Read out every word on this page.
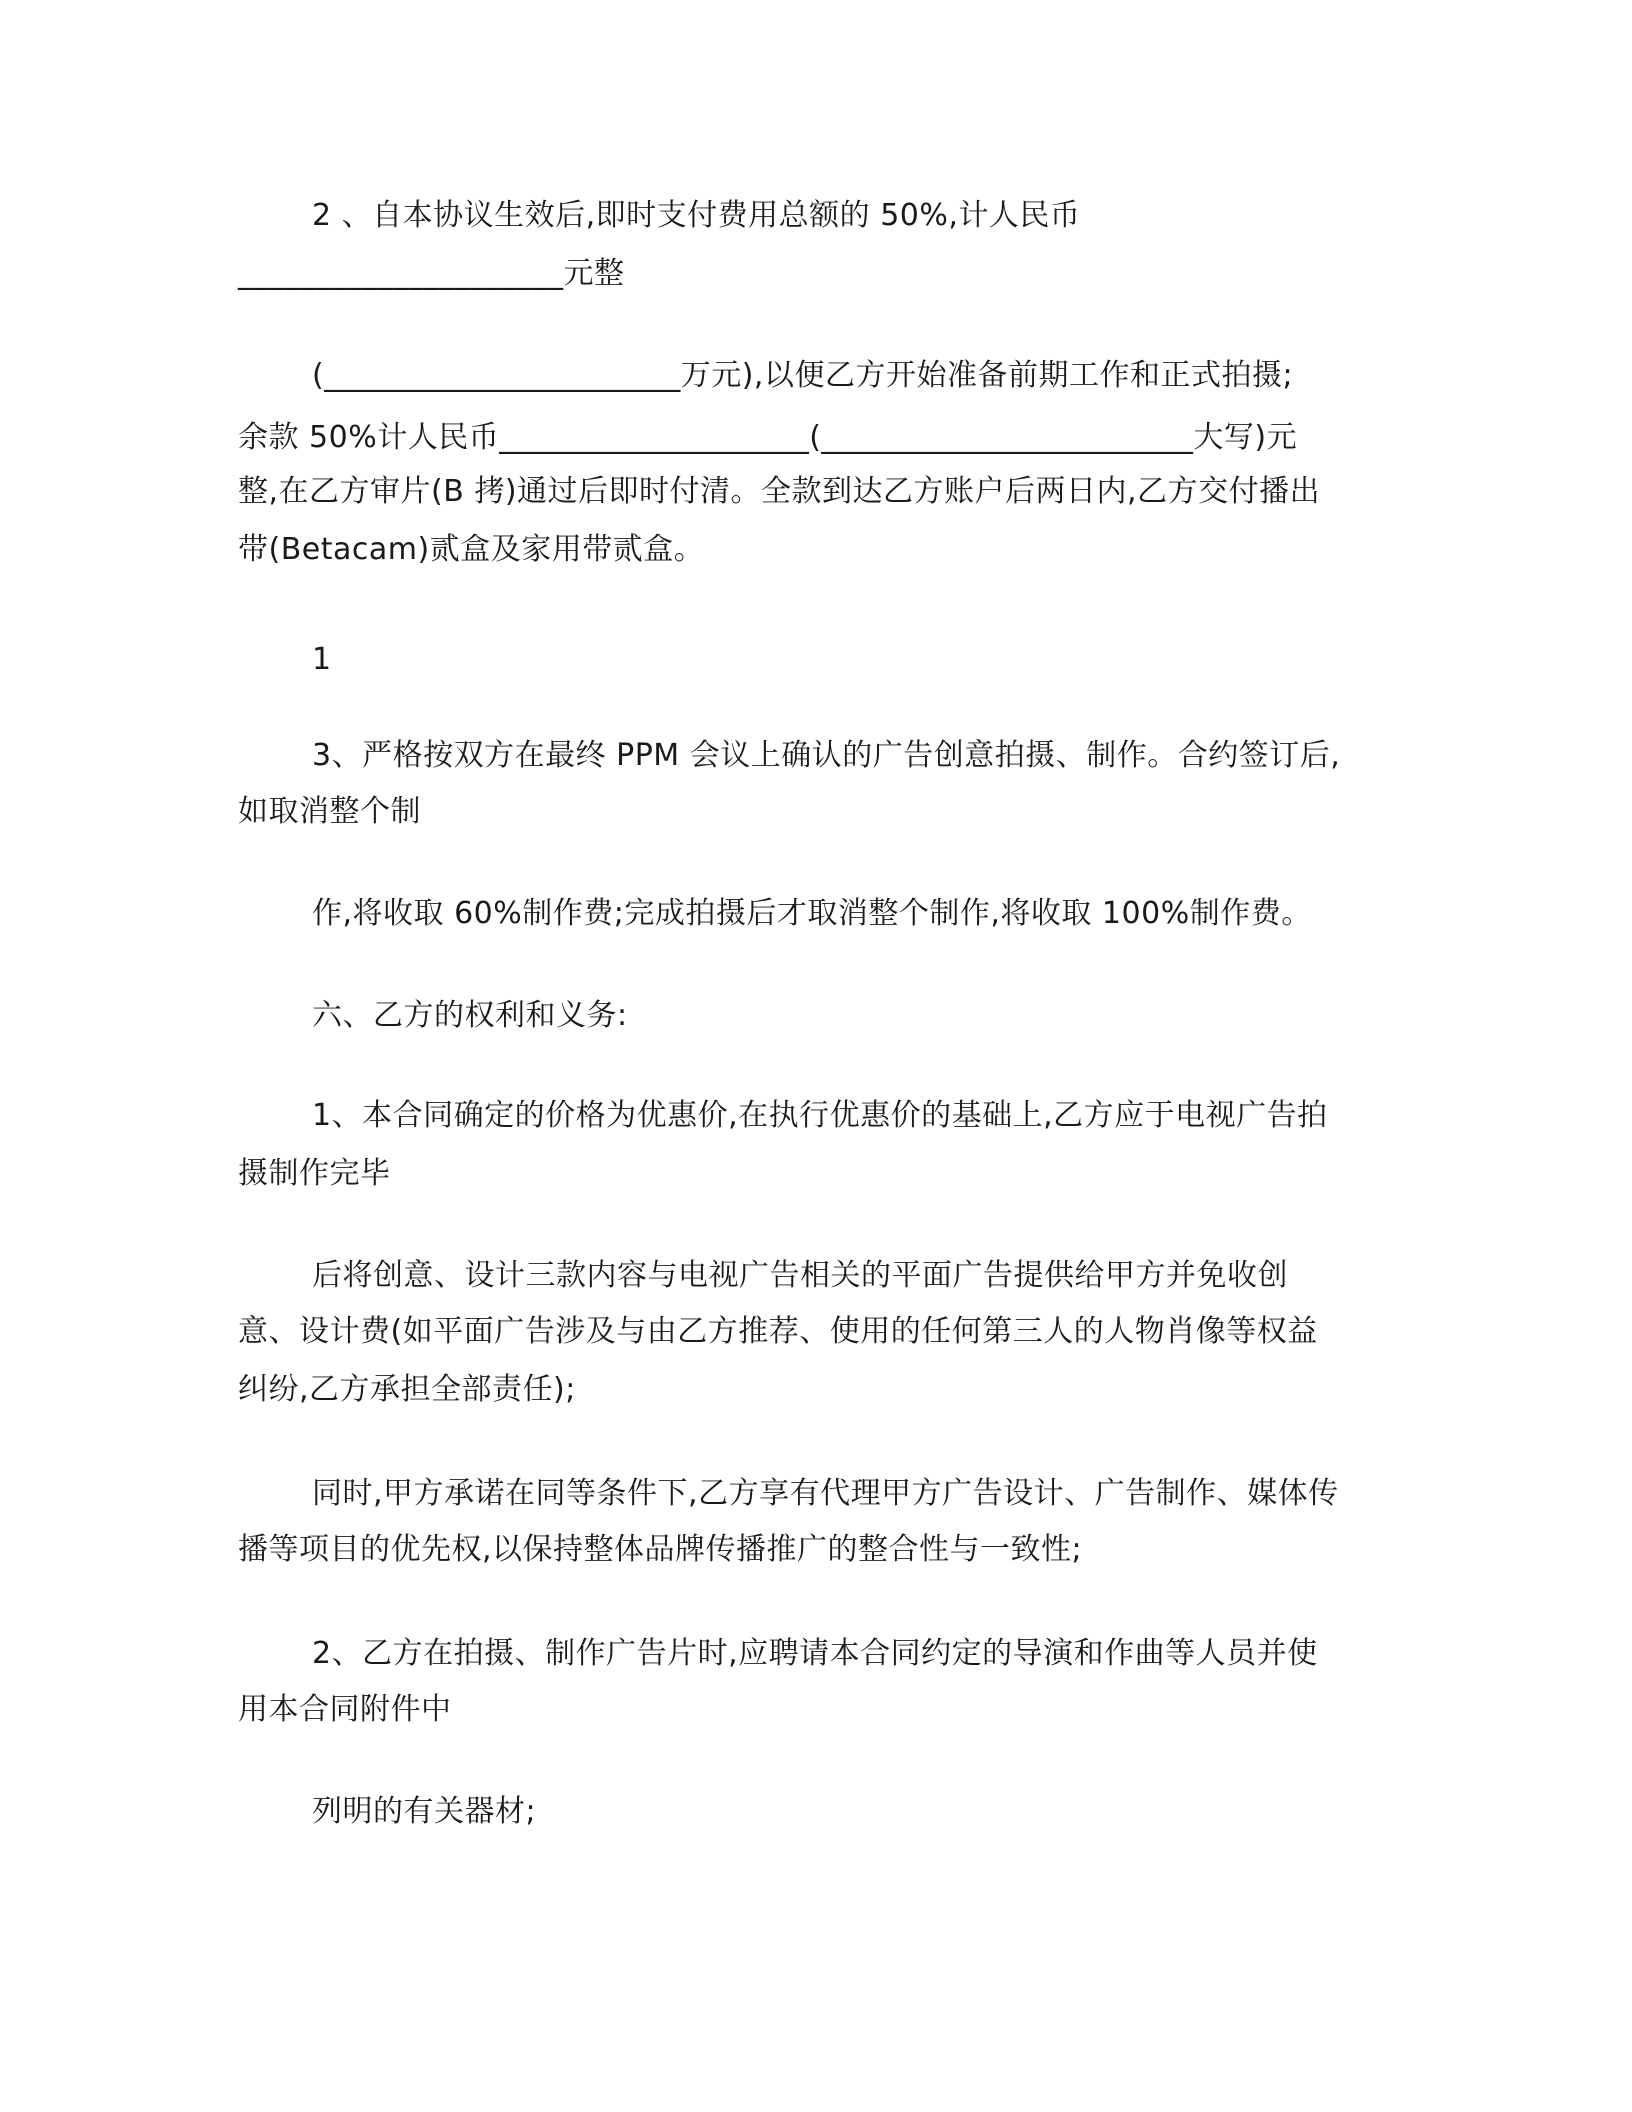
2 、自本协议生效后,即时支付费用总额的 50%,计人民币
_____________________元整
(_______________________万元),以便乙方开始准备前期工作和正式拍摄;
余款 50%计人民币____________________(________________________大写)元
整,在乙方审片(B 拷)通过后即时付清。全款到达乙方账户后两日内,乙方交付播出
带(Betacam)贰盒及家用带贰盒。
1
3、严格按双方在最终 PPM 会议上确认的广告创意拍摄、制作。合约签订后,
如取消整个制
作,将收取 60%制作费;完成拍摄后才取消整个制作,将收取 100%制作费。
六、乙方的权利和义务:
1、本合同确定的价格为优惠价,在执行优惠价的基础上,乙方应于电视广告拍
摄制作完毕
后将创意、设计三款内容与电视广告相关的平面广告提供给甲方并免收创
意、设计费(如平面广告涉及与由乙方推荐、使用的任何第三人的人物肖像等权益
纠纷,乙方承担全部责任);
同时,甲方承诺在同等条件下,乙方享有代理甲方广告设计、广告制作、媒体传
播等项目的优先权,以保持整体品牌传播推广的整合性与一致性;
2、乙方在拍摄、制作广告片时,应聘请本合同约定的导演和作曲等人员并使
用本合同附件中
列明的有关器材;
